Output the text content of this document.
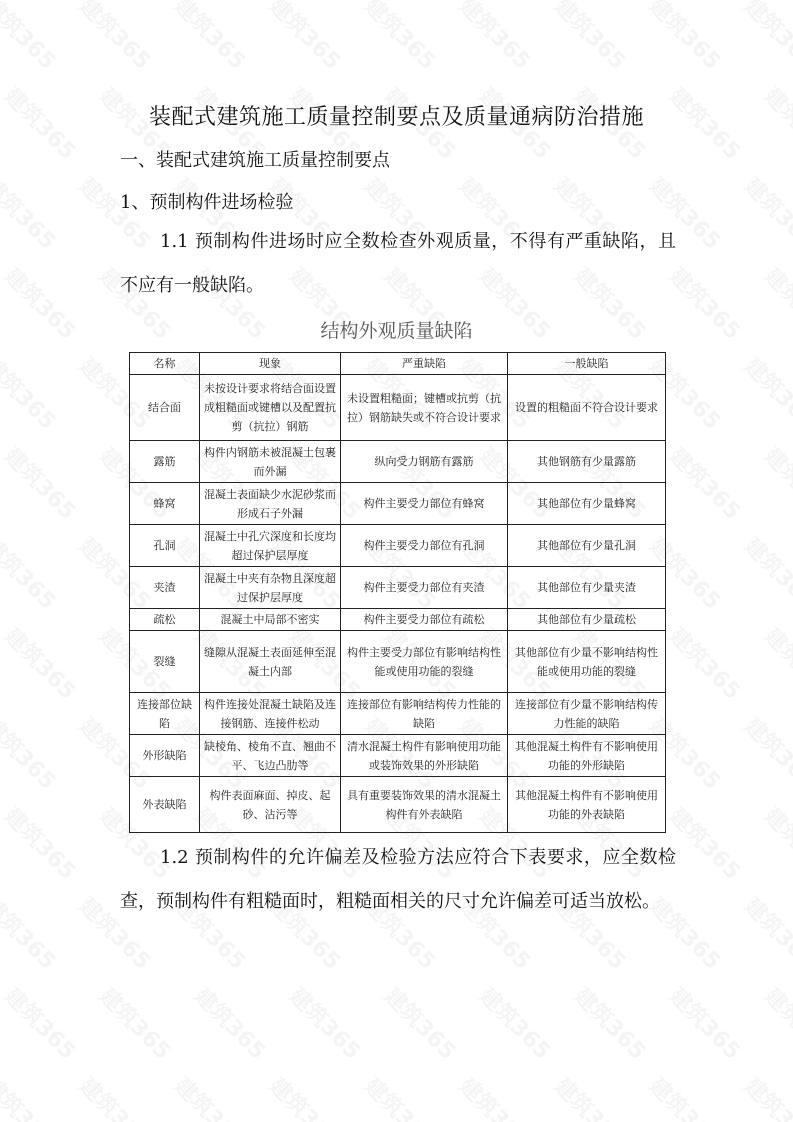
装配式建筑施工质量控制要点及质量通病防治措施
一、装配式建筑施工质量控制要点
1、预制构件进场检验
1.1 预制构件进场时应全数检查外观质量，不得有严重缺陷，且不应有一般缺陷。
结构外观质量缺陷
名称	现象	严重缺陷	一般缺陷
结合面	未按设计要求将结合面设置成粗糙面或键槽以及配置抗剪（抗拉）钢筋	未设置粗糙面；键槽或抗剪（抗拉）钢筋缺失或不符合设计要求	设置的粗糙面不符合设计要求
露筋	构件内钢筋未被混凝土包裹而外漏	纵向受力钢筋有露筋	其他钢筋有少量露筋
蜂窝	混凝土表面缺少水泥砂浆而形成石子外漏	构件主要受力部位有蜂窝	其他部位有少量蜂窝
孔洞	混凝土中孔穴深度和长度均超过保护层厚度	构件主要受力部位有孔洞	其他部位有少量孔洞
夹渣	混凝土中夹有杂物且深度超过保护层厚度	构件主要受力部位有夹渣	其他部位有少量夹渣
疏松	混凝土中局部不密实	构件主要受力部位有疏松	其他部位有少量疏松
裂缝	缝隙从混凝土表面延伸至混凝土内部	构件主要受力部位有影响结构性能或使用功能的裂缝	其他部位有少量不影响结构性能或使用功能的裂缝
连接部位缺陷	构件连接处混凝土缺陷及连接钢筋、连接件松动	连接部位有影响结构传力性能的缺陷	连接部位有少量不影响结构传力性能的缺陷
外形缺陷	缺棱角、棱角不直、翘曲不平、飞边凸肋等	清水混凝土构件有影响使用功能或装饰效果的外形缺陷	其他混凝土构件有不影响使用功能的外形缺陷
外表缺陷	构件表面麻面、掉皮、起砂、沾污等	具有重要装饰效果的清水混凝土构件有外表缺陷	其他混凝土构件有不影响使用功能的外表缺陷
1.2 预制构件的允许偏差及检验方法应符合下表要求，应全数检查，预制构件有粗糙面时，粗糙面相关的尺寸允许偏差可适当放松。
